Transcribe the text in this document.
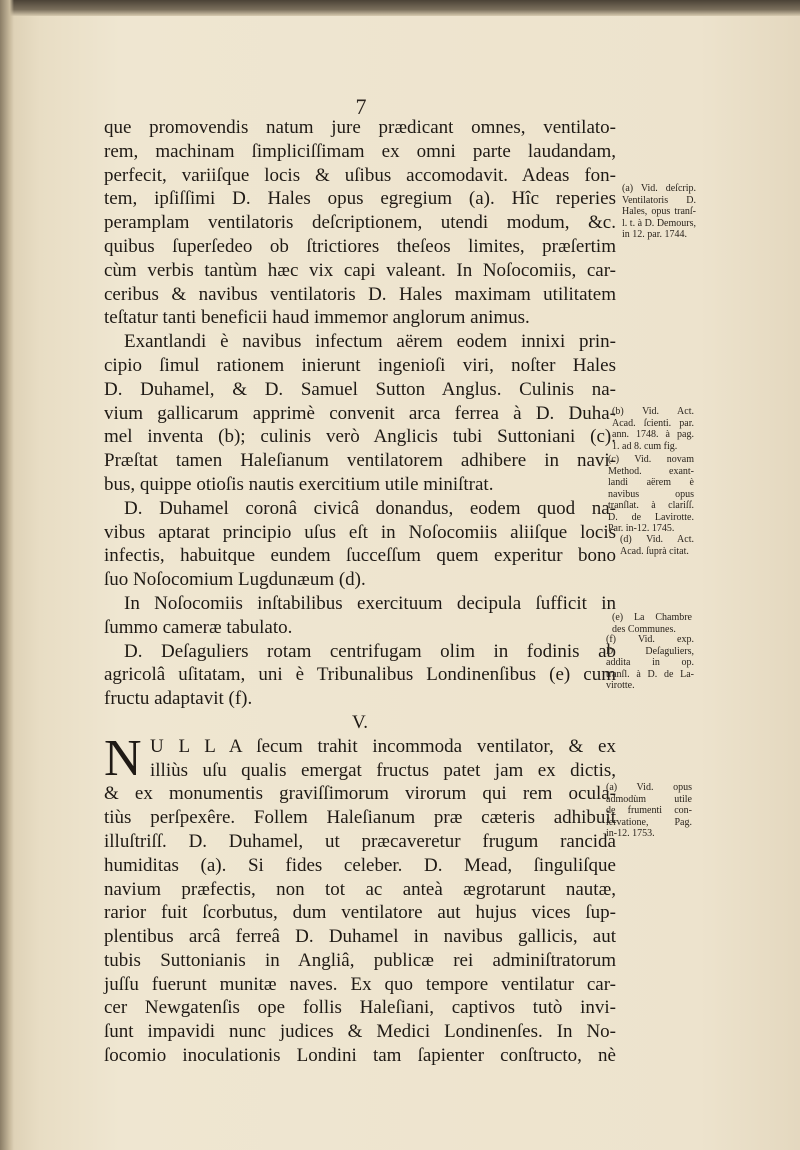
7
que promovendis natum jure prædicant omnes, ventilato-
rem, machinam ſimpliciſſimam ex omni parte laudandam,
perfecit, variiſque locis & uſibus accomodavit. Adeas fon-
tem, ipſiſſimi D. Hales opus egregium (a). Hîc reperies
peramplam ventilatoris deſcriptionem, utendi modum, &c.
quibus ſuperſedeo ob ſtrictiores theſeos limites, præſertim
cùm verbis tantùm hæc vix capi valeant. In Noſocomiis, car-
ceribus & navibus ventilatoris D. Hales maximam utilitatem
teſtatur tanti beneficii haud immemor anglorum animus.
Exantlandi è navibus infectum aërem eodem innixi prin-
cipio ſimul rationem inierunt ingenioſi viri, noſter Hales
D. Duhamel, & D. Samuel Sutton Anglus. Culinis na-
vium gallicarum apprimè convenit arca ferrea à D. Duha-
mel inventa (b); culinis verò Anglicis tubi Suttoniani (c).
Præſtat tamen Haleſianum ventilatorem adhibere in navi-
bus, quippe otioſis nautis exercitium utile miniſtrat.
D. Duhamel coronâ civicâ donandus, eodem quod na-
vibus aptarat principio uſus eſt in Noſocomiis aliiſque locis
infectis, habuitque eundem ſucceſſum quem experitur bono
ſuo Noſocomium Lugdunæum (d).
In Noſocomiis inſtabilibus exercituum decipula ſufficit in
ſummo cameræ tabulato.
D. Deſaguliers rotam centrifugam olim in fodinis ab
agricolâ uſitatam, uni è Tribunalibus Londinenſibus (e) cum
fructu adaptavit (f).
V.
N U L L A ſecum trahit incommoda ventilator, & ex
illiùs uſu qualis emergat fructus patet jam ex dictis,
& ex monumentis graviſſimorum virorum qui rem ocula-
tiùs perſpexêre. Follem Haleſianum præ cæteris adhibuit
illuſtriſſ. D. Duhamel, ut præcaveretur frugum rancida
humiditas (a). Si fides celeber. D. Mead, ſinguliſque
navium præfectis, non tot ac anteà ægrotarunt nautæ,
rarior fuit ſcorbutus, dum ventilatore aut hujus vices ſup-
plentibus arcâ ferreâ D. Duhamel in navibus gallicis, aut
tubis Suttonianis in Angliâ, publicæ rei adminiſtratorum
juſſu fuerunt munitæ naves. Ex quo tempore ventilatur car-
cer Newgatenſis ope follis Haleſiani, captivos tutò invi-
ſunt impavidi nunc judices & Medici Londinenſes. In No-
ſocomio inoculationis Londini tam ſapienter conſtructo, nè
(a) Vid. deſcrip.
Ventilatoris D.
Hales, opus tranſ-
l. t. à D. Demours,
in 12. par. 1744.
(b) Vid. Act.
Acad. ſcienti. par.
ann. 1748. à pag.
1. ad 8. cum fig.
(c) Vid. novam
Method. exant-
landi aërem è
navibus opus
tranſlat. à clariſſ.
D. de Lavirotte.
Par. in-12. 1745.
(d) Vid. Act.
Acad. ſuprà citat.
(e) La Chambre
des Communes.
(f) Vid. exp.
D. Deſaguliers,
addita in op.
tranſl. à D. de La-
virotte.
(a) Vid. opus
admodùm utile
de frumenti con-
ſervatione, Pag.
in-12. 1753.
